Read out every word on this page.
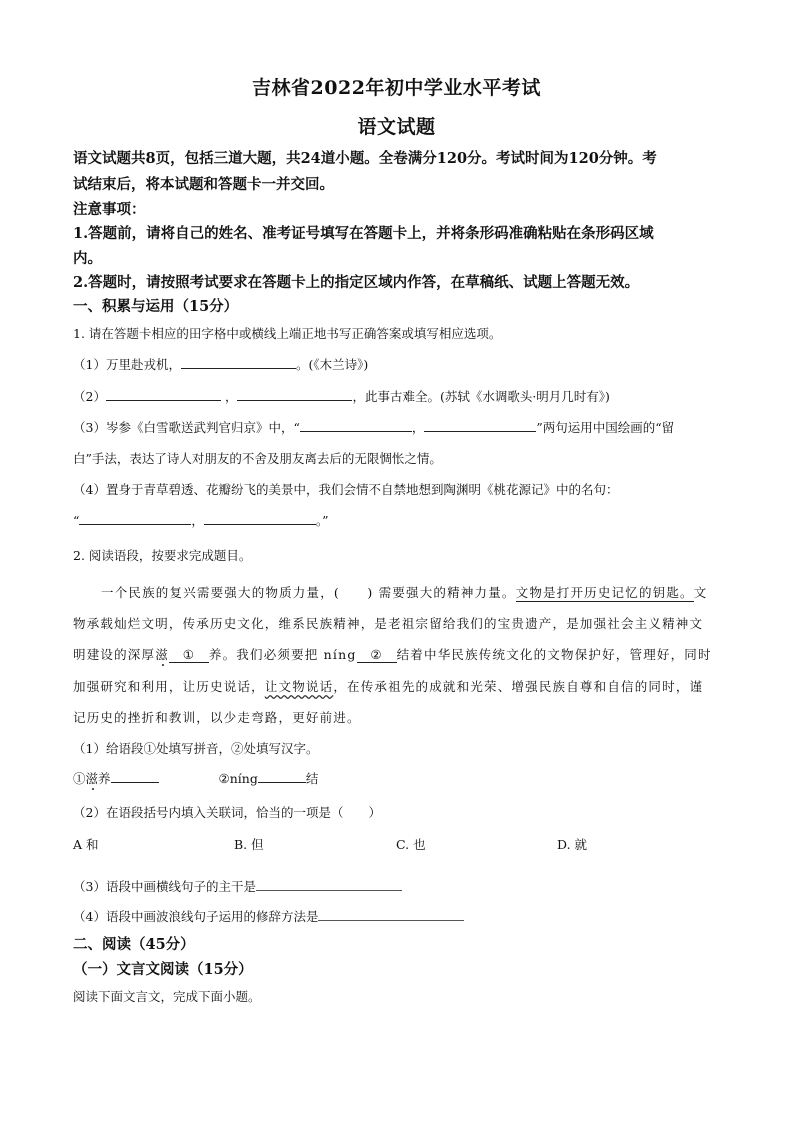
吉林省2022年初中学业水平考试
语文试题
语文试题共8页，包括三道大题，共24道小题。全卷满分120分。考试时间为120分钟。考
试结束后，将本试题和答题卡一并交回。
注意事项：
1.答题前，请将自己的姓名、准考证号填写在答题卡上，并将条形码准确粘贴在条形码区域
内。
2.答题时，请按照考试要求在答题卡上的指定区域内作答，在草稿纸、试题上答题无效。
一、积累与运用（15分）
1. 请在答题卡相应的田字格中或横线上端正地书写正确答案或填写相应选项。
（1）万里赴戎机，	。(《木兰诗》)
（2）	，	，此事古难全。(苏轼《水调歌头·明月几时有》)
（3）岑参《白雪歌送武判官归京》中，“	，	”两句运用中国绘画的“留
白”手法，表达了诗人对朋友的不舍及朋友离去后的无限惆怅之情。
（4）置身于青草碧透、花瓣纷飞的美景中，我们会情不自禁地想到陶渊明《桃花源记》中的名句：
“	，	。”
2. 阅读语段，按要求完成题目。
一个民族的复兴需要强大的物质力量，(　　) 需要强大的精神力量。文物是打开历史记忆的钥匙。文
物承载灿烂文明，传承历史文化，维系民族精神，是老祖宗留给我们的宝贵遗产，是加强社会主义精神文
明建设的深厚滋 ① 养。我们必须要把 níng ② 结着中华民族传统文化的文物保护好，管理好，同时
加强研究和利用，让历史说话，让文物说话，在传承祖先的成就和光荣、增强民族自尊和自信的同时，谨
记历史的挫折和教训，以少走弯路，更好前进。
（1）给语段①处填写拼音，②处填写汉字。
①滋养	②níng	结
（2）在语段括号内填入关联词，恰当的一项是（　　）
A 和	B. 但	C. 也	D. 就
（3）语段中画横线句子的主干是
（4）语段中画波浪线句子运用的修辞方法是
二、阅读（45分）
（一）文言文阅读（15分）
阅读下面文言文，完成下面小题。
